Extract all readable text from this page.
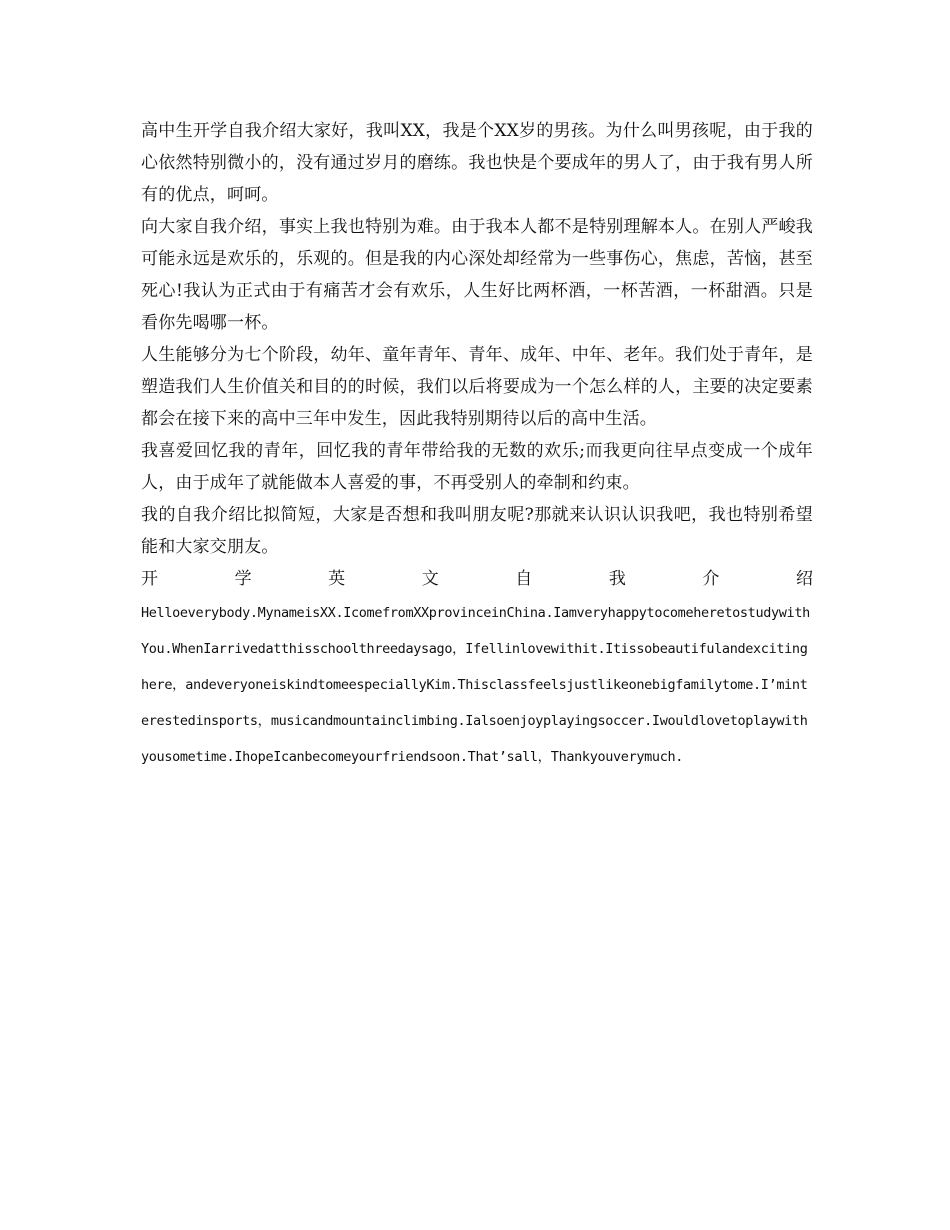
高中生开学自我介绍大家好，我叫XX，我是个XX岁的男孩。为什么叫男孩呢，由于我的心依然特别微小的，没有通过岁月的磨练。我也快是个要成年的男人了，由于我有男人所有的优点，呵呵。

向大家自我介绍，事实上我也特别为难。由于我本人都不是特别理解本人。在别人严峻我可能永远是欢乐的，乐观的。但是我的内心深处却经常为一些事伤心，焦虑，苦恼，甚至死心!我认为正式由于有痛苦才会有欢乐，人生好比两杯酒，一杯苦酒，一杯甜酒。只是看你先喝哪一杯。

人生能够分为七个阶段，幼年、童年青年、青年、成年、中年、老年。我们处于青年，是塑造我们人生价值关和目的的时候，我们以后将要成为一个怎么样的人，主要的决定要素都会在接下来的高中三年中发生，因此我特别期待以后的高中生活。

我喜爱回忆我的青年，回忆我的青年带给我的无数的欢乐;而我更向往早点变成一个成年人，由于成年了就能做本人喜爱的事，不再受别人的牵制和约束。

我的自我介绍比拟简短，大家是否想和我叫朋友呢?那就来认识认识我吧，我也特别希望能和大家交朋友。

开	学	英	文	自	我	介	绍

Helloeverybody.MynameisXX.IcomefromXXprovinceinChina.IamveryhappytocomeheretostudywithYou.WhenIarrivedatthisschoolthreedaysago，Ifellinlovewithit.Itissobeautifulandexcitinghere，andeveryoneiskindtomeespeciallyKim.Thisclassfeelsjustlikeonebigfamilytome.I’minterestedinsports，musicandmountainclimbing.Ialsoenjoyplayingsoccer.Iwouldlovetoplaywithyousometime.IhopeIcanbecomeyourfriendsoon.That’sall，Thankyouverymuch.
